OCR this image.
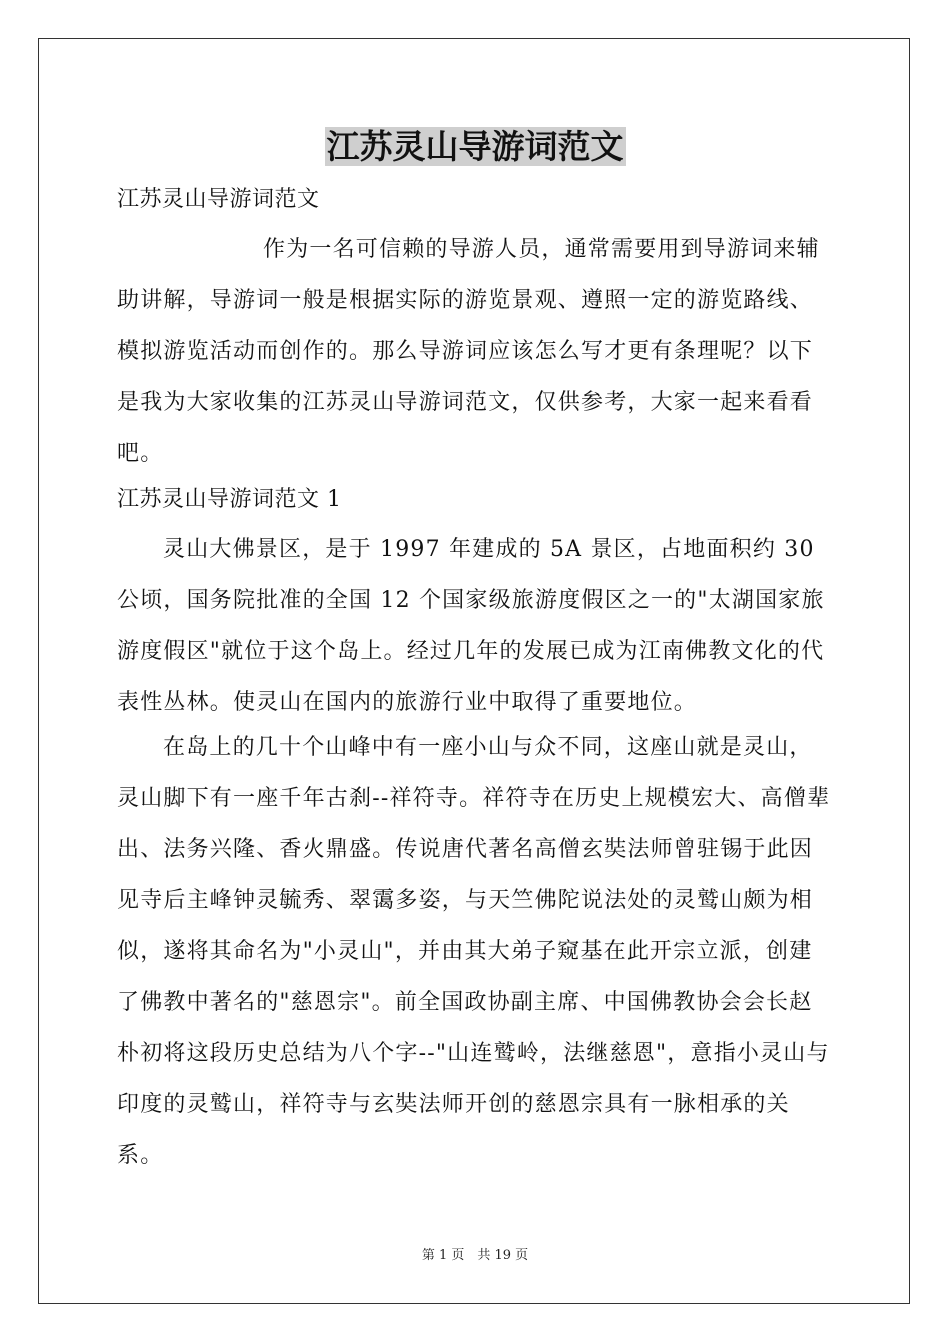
江苏灵山导游词范文

江苏灵山导游词范文

作为一名可信赖的导游人员，通常需要用到导游词来辅助讲解，导游词一般是根据实际的游览景观、遵照一定的游览路线、模拟游览活动而创作的。那么导游词应该怎么写才更有条理呢？以下是我为大家收集的江苏灵山导游词范文，仅供参考，大家一起来看看吧。

江苏灵山导游词范文 1

灵山大佛景区，是于 1997 年建成的 5A 景区，占地面积约 30 公顷，国务院批准的全国 12 个国家级旅游度假区之一的"太湖国家旅游度假区"就位于这个岛上。经过几年的发展已成为江南佛教文化的代表性丛林。使灵山在国内的旅游行业中取得了重要地位。

在岛上的几十个山峰中有一座小山与众不同，这座山就是灵山，灵山脚下有一座千年古刹--祥符寺。祥符寺在历史上规模宏大、高僧辈出、法务兴隆、香火鼎盛。传说唐代著名高僧玄奘法师曾驻锡于此因见寺后主峰钟灵毓秀、翠霭多姿，与天竺佛陀说法处的灵鹫山颇为相似，遂将其命名为"小灵山"，并由其大弟子窥基在此开宗立派，创建了佛教中著名的"慈恩宗"。前全国政协副主席、中国佛教协会会长赵朴初将这段历史总结为八个字--"山连鹫岭，法继慈恩"，意指小灵山与印度的灵鹫山，祥符寺与玄奘法师开创的慈恩宗具有一脉相承的关系。

第 1 页　共 19 页
